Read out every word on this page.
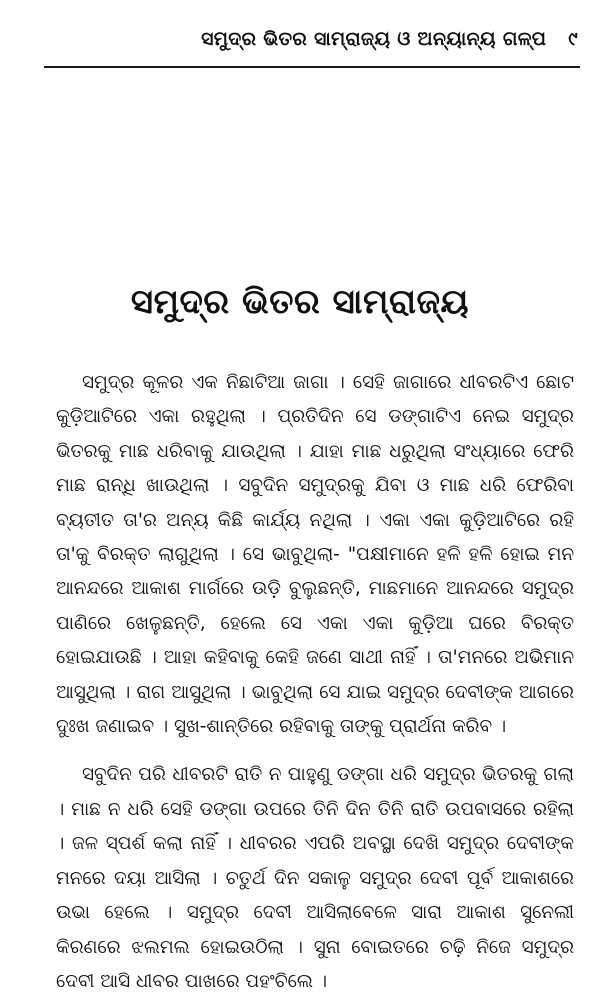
ସମୁଦ୍ର ଭିତର ସାମ୍ରାଜ୍ୟ ଓ ଅନ୍ୟାନ୍ୟ ଗଳ୍ପ ୯
ସମୁଦ୍ର ଭିତର ସାମ୍ରାଜ୍ୟ

ସମୁଦ୍ର କୂଳର ଏକ ନିଛାଟିଆ ଜାଗା । ସେହି ଜାଗାରେ ଧୀବରଟିଏ ଛୋଟ କୁଡ଼ିଆଟିରେ ଏକା ରହୁଥିଲା । ପ୍ରତିଦିନ ସେ ଡଙ୍ଗାଟିଏ ନେଇ ସମୁଦ୍ର ଭିତରକୁ ମାଛ ଧରିବାକୁ ଯାଉଥିଲା । ଯାହା ମାଛ ଧରୁଥିଲା ସଂଧ୍ୟାରେ ଫେରି ମାଛ ରାନ୍ଧି ଖାଉଥିଲା । ସବୁଦିନ ସମୁଦ୍ରକୁ ଯିବା ଓ ମାଛ ଧରି ଫେରିବା ବ୍ୟତୀତ ତା'ର ଅନ୍ୟ କିଛି କାର୍ଯ୍ୟ ନଥିଲା । ଏକା ଏକା କୁଡ଼ିଆଟିରେ ରହି ତା'କୁ ବିରକ୍ତ ଲାଗୁଥିଲା । ସେ ଭାବୁଥିଲା- "ପକ୍ଷୀମାନେ ହଳି ହଳି ହୋଇ ମନ ଆନନ୍ଦରେ ଆକାଶ ମାର୍ଗରେ ଉଡ଼ି ବୁଲୁଛନ୍ତି, ମାଛମାନେ ଆନନ୍ଦରେ ସମୁଦ୍ର ପାଣିରେ ଖେଳୁଛନ୍ତି, ହେଲେ ସେ ଏକା ଏକା କୁଡ଼ିଆ ଘରେ ବିରକ୍ତ ହୋଇଯାଉଛି । ଆହା କହିବାକୁ କେହି ଜଣେ ସାଥୀ ନାହିଁ । ତା'ମନରେ ଅଭିମାନ ଆସୁଥିଲା । ରାଗ ଆସୁଥିଲା । ଭାବୁଥିଲା ସେ ଯାଇ ସମୁଦ୍ର ଦେବୀଙ୍କ ଆଗରେ ଦୁଃଖ ଜଣାଇବ । ସୁଖ-ଶାନ୍ତିରେ ରହିବାକୁ ତାଙ୍କୁ ପ୍ରାର୍ଥନା କରିବ ।

ସବୁଦିନ ପରି ଧୀବରଟି ରାତି ନ ପାହୁଣୁ ଡଙ୍ଗା ଧରି ସମୁଦ୍ର ଭିତରକୁ ଗଲା । ମାଛ ନ ଧରି ସେହି ଡଙ୍ଗା ଉପରେ ତିନି ଦିନ ତିନି ରାତି ଉପବାସରେ ରହିଲା । ଜଳ ସ୍ପର୍ଶ କଲା ନାହିଁ । ଧୀବରର ଏପରି ଅବସ୍ଥା ଦେଖି ସମୁଦ୍ର ଦେବୀଙ୍କ ମନରେ ଦୟା ଆସିଲା । ଚତୁର୍ଥ ଦିନ ସକାଳୁ ସମୁଦ୍ର ଦେବୀ ପୂର୍ବ ଆକାଶରେ ଉଭା ହେଲେ । ସମୁଦ୍ର ଦେବୀ ଆସିଲାବେଳେ ସାରା ଆକାଶ ସୁନେଲୀ କିରଣରେ ଝଲମଲ ହୋଇଉଠିଲା । ସୁନା ବୋଇତରେ ଚଢ଼ି ନିଜେ ସମୁଦ୍ର ଦେବୀ ଆସି ଧୀବର ପାଖରେ ପହଂଚିଲେ ।
